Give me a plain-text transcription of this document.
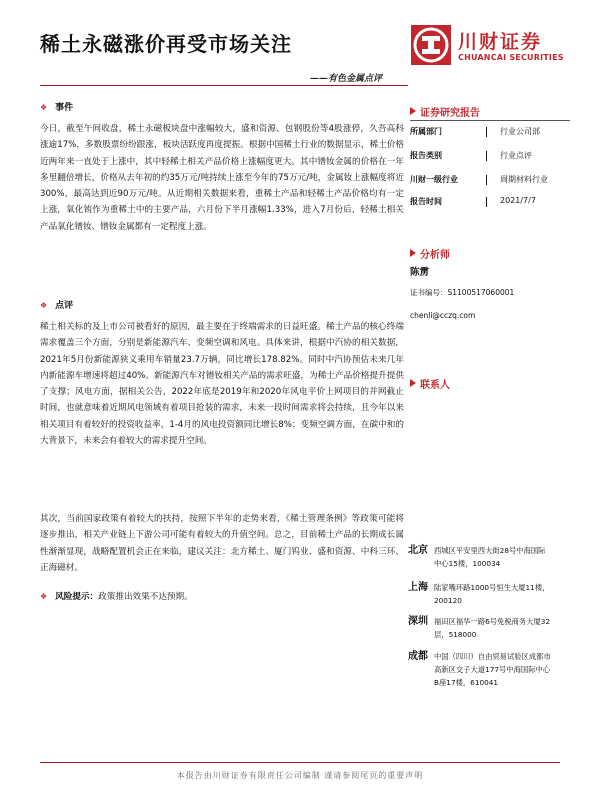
稀土永磁涨价再受市场关注
——有色金属点评
川财证券
CHUANCAI SECURITIES
❖ 事件

今日，截至午间收盘，稀土永磁板块盘中涨幅较大，盛和资源、包钢股份等4股涨停，久吾高科涨逾17%，多数股票纷纷跟涨，板块活跃度再度提振。根据中国稀土行业的数据显示，稀土价格近两年来一直处于上涨中，其中轻稀土相关产品价格上涨幅度更大。其中镨钕金属的价格在一年多里翻倍增长，价格从去年初的约35万元/吨持续上涨至今年的75万元/吨，金属钕上涨幅度将近300%，最高达到近90万元/吨。从近期相关数据来看，重稀土产品和轻稀土产品价格均有一定上涨，氧化铕作为重稀土中的主要产品，六月份下半月涨幅1.33%，进入7月份后，轻稀土相关产品氧化镨钕、镨钕金属都有一定程度上涨。

❖ 点评

稀土相关标的及上市公司被看好的原因，最主要在于终端需求的日益旺盛。稀土产品的核心终端需求覆盖三个方面，分别是新能源汽车、变频空调和风电。具体来讲，根据中汽协的相关数据，2021年5月份新能源狭义乘用车销量23.7万辆，同比增长178.82%。同时中汽协预估未来几年内新能源车增速将超过40%。新能源汽车对镨钕相关产品的需求旺盛，为稀土产品价格提升提供了支撑；风电方面，据相关公告，2022年底是2019年和2020年风电平价上网项目的并网截止时间，也就意味着近期风电领域有着项目抢装的需求，未来一段时间需求将会持续，且今年以来相关项目有着较好的投资收益率，1-4月的风电投资额同比增长8%；变频空调方面，在碳中和的大背景下，未来会有着较大的需求提升空间。

其次，当前国家政策有着较大的扶持，按照下半年的走势来看，《稀土管理条例》等政策可能将逐步推出，相关产业链上下游公司可能有着较大的升值空间。总之，目前稀土产品的长期成长属性渐渐显现，战略配置机会正在来临，建议关注：北方稀土、厦门钨业、盛和资源、中科三环、正海磁材。

❖ 风险提示：政策推出效果不达预期。
证券研究报告
所属部门	行业公司部
报告类别	行业点评
川财一级行业	周期材料行业
报告时间	2021/7/7
分析师
陈雳
证书编号：S1100517060001
chenli@cczq.com
联系人
北京 西城区平安里西大街28号中海国际中心15楼，100034
上海 陆家嘴环路1000号恒生大厦11楼，200120
深圳 福田区福华一路6号免税商务大厦32层，518000
成都 中国（四川）自由贸易试验区成都市高新区交子大道177号中海国际中心B座17楼，610041
本报告由川财证券有限责任公司编制 谨请参阅尾页的重要声明
